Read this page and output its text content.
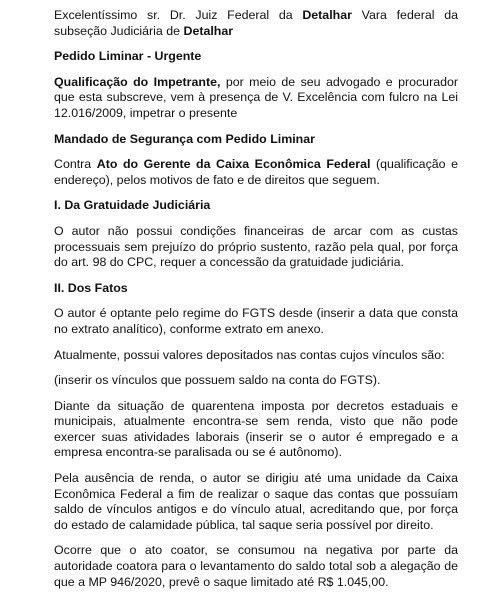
Excelentíssimo sr. Dr. Juiz Federal da Detalhar Vara federal da subseção Judiciária de Detalhar

Pedido Liminar - Urgente

Qualificação do Impetrante, por meio de seu advogado e procurador que esta subscreve, vem à presença de V. Excelência com fulcro na Lei 12.016/2009, impetrar o presente

Mandado de Segurança com Pedido Liminar

Contra Ato do Gerente da Caixa Econômica Federal (qualificação e endereço), pelos motivos de fato e de direitos que seguem.

I. Da Gratuidade Judiciária

O autor não possui condições financeiras de arcar com as custas processuais sem prejuízo do próprio sustento, razão pela qual, por força do art. 98 do CPC, requer a concessão da gratuidade judiciária.

II. Dos Fatos

O autor é optante pelo regime do FGTS desde (inserir a data que consta no extrato analítico), conforme extrato em anexo.

Atualmente, possui valores depositados nas contas cujos vínculos são:

(inserir os vínculos que possuem saldo na conta do FGTS).

Diante da situação de quarentena imposta por decretos estaduais e municipais, atualmente encontra-se sem renda, visto que não pode exercer suas atividades laborais (inserir se o autor é empregado e a empresa encontra-se paralisada ou se é autônomo).

Pela ausência de renda, o autor se dirigiu até uma unidade da Caixa Econômica Federal a fim de realizar o saque das contas que possuíam saldo de vínculos antigos e do vínculo atual, acreditando que, por força do estado de calamidade pública, tal saque seria possível por direito.

Ocorre que o ato coator, se consumou na negativa por parte da autoridade coatora para o levantamento do saldo total sob a alegação de que a MP 946/2020, prevê o saque limitado até R$ 1.045,00.
